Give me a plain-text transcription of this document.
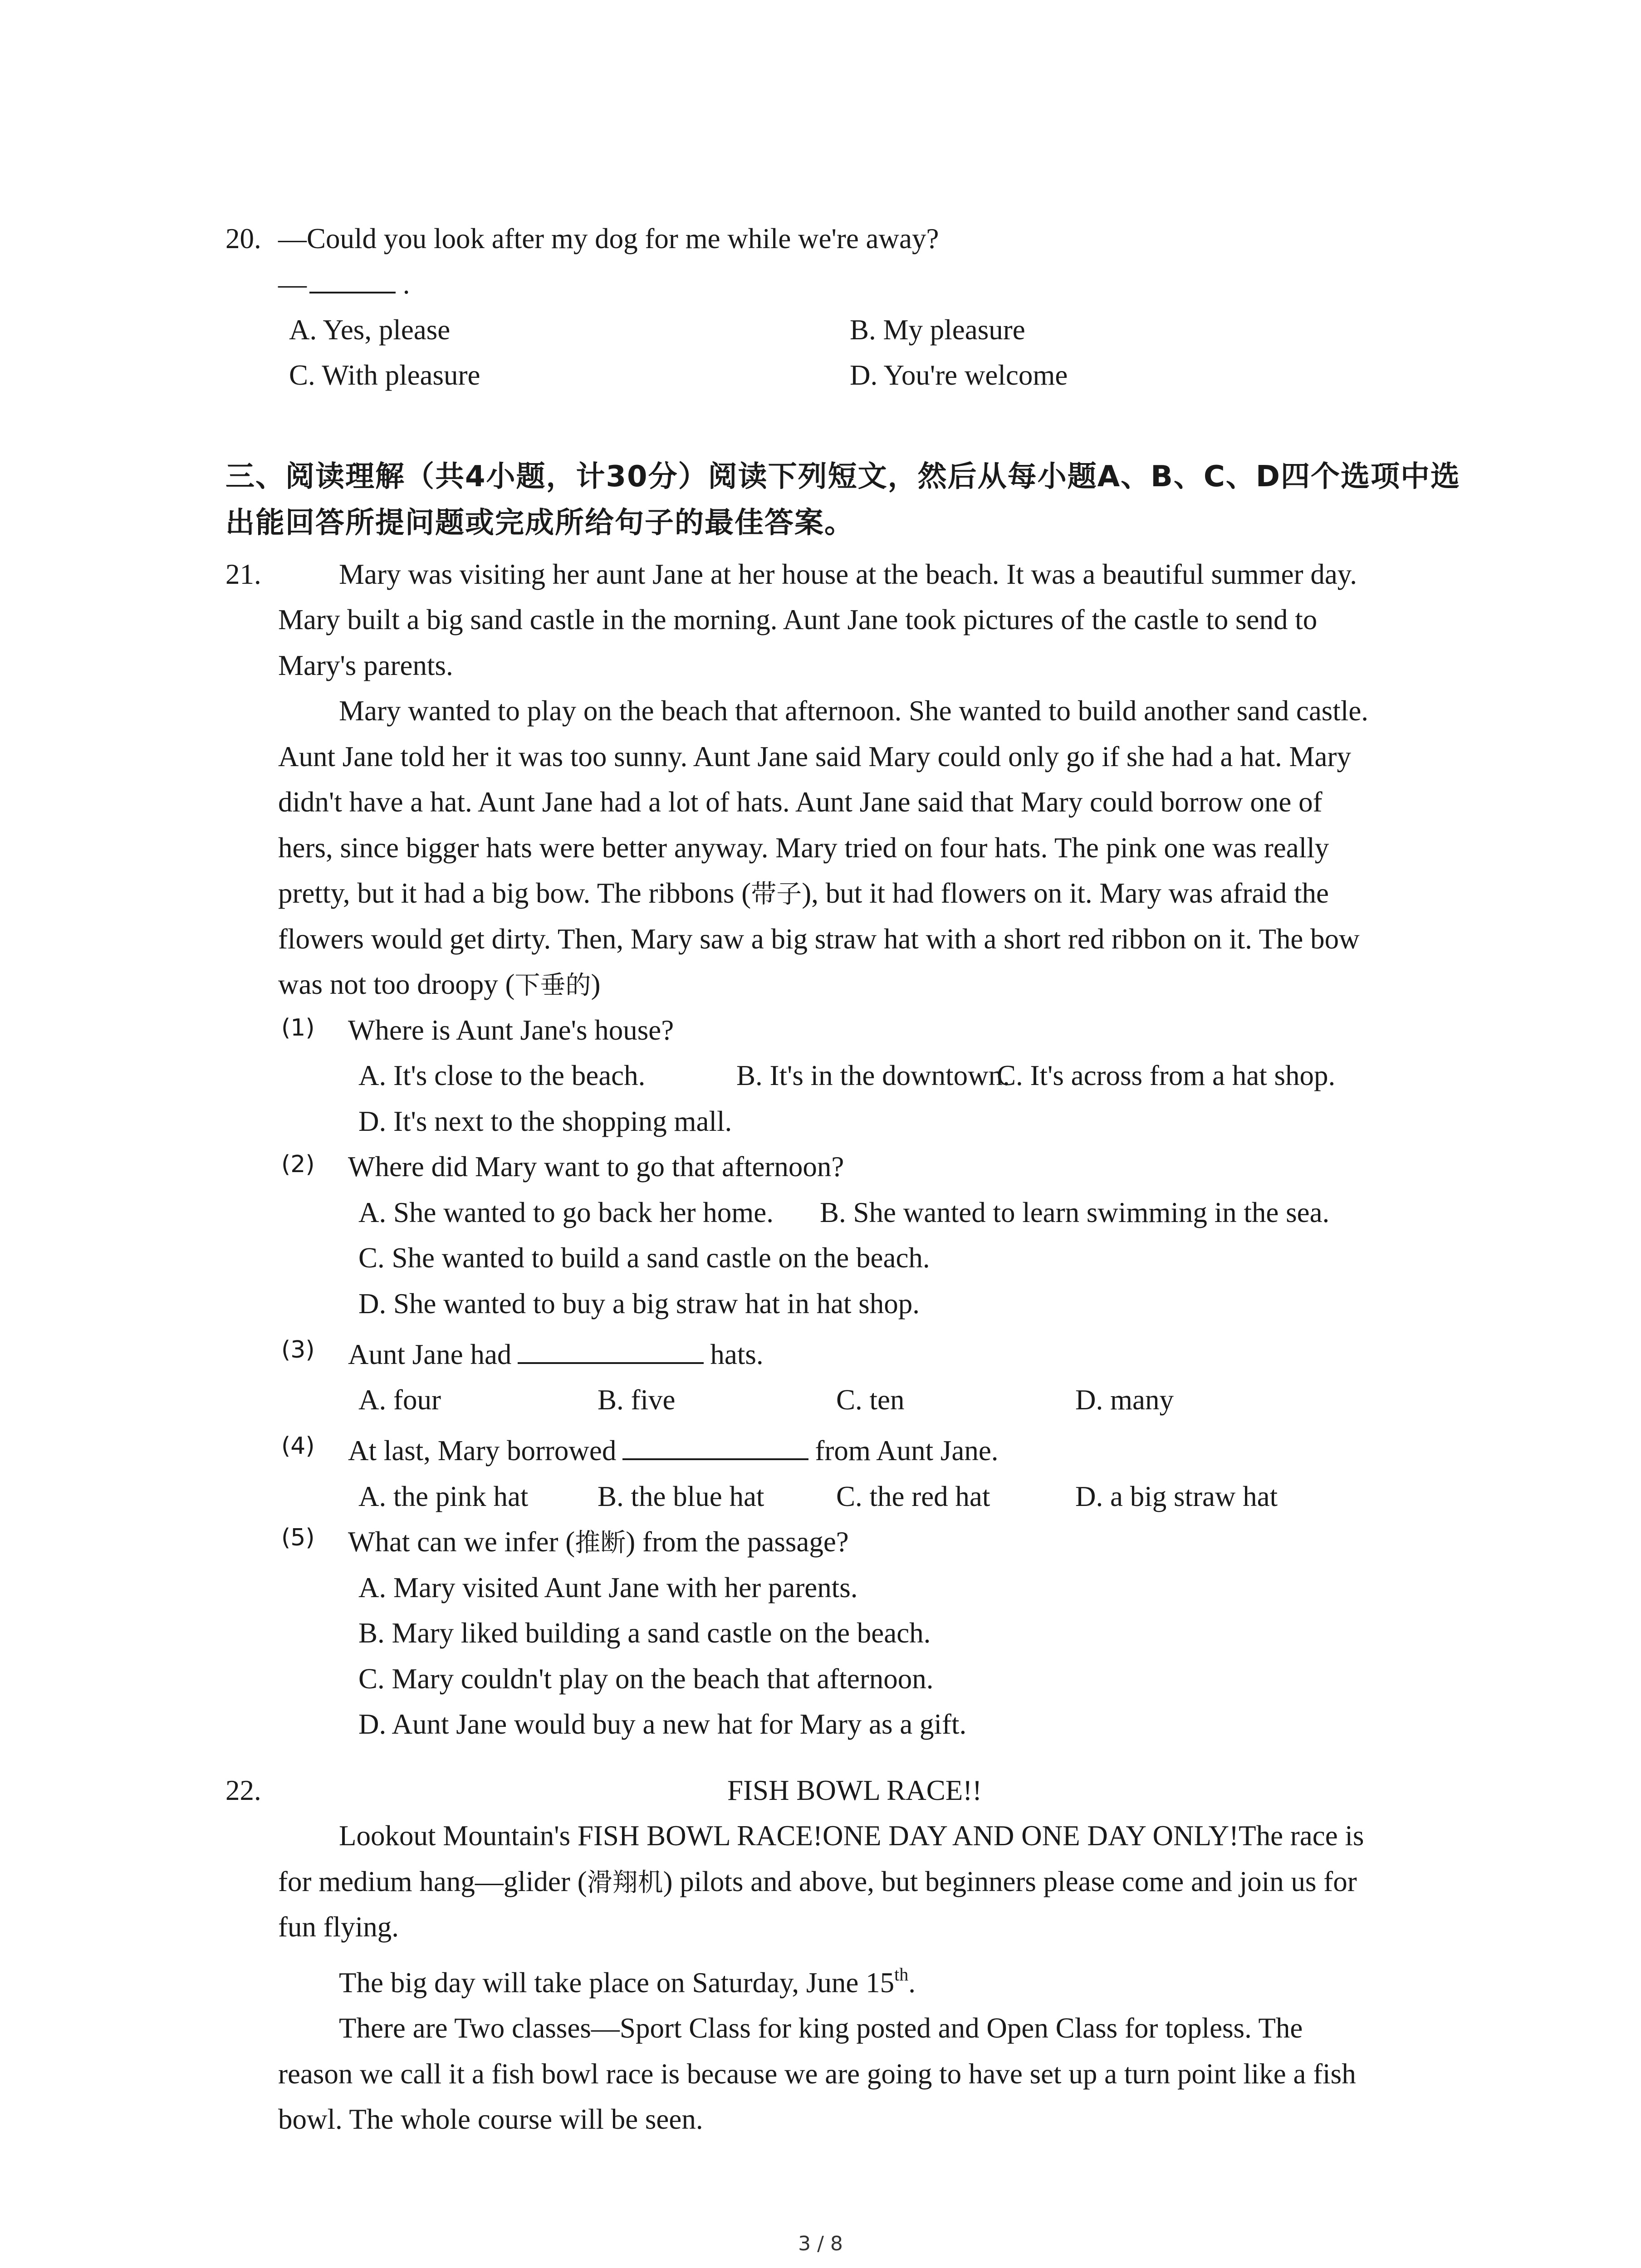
20. —Could you look after my dog for me while we're away?
—	.
A. Yes, please	B. My pleasure
C. With pleasure	D. You're welcome
三、阅读理解（共4小题，计30分）阅读下列短文，然后从每小题A、B、C、D四个选项中选
出能回答所提问题或完成所给句子的最佳答案。
21.	Mary was visiting her aunt Jane at her house at the beach. It was a beautiful summer day.
Mary built a big sand castle in the morning. Aunt Jane took pictures of the castle to send to
Mary's parents.
Mary wanted to play on the beach that afternoon. She wanted to build another sand castle.
Aunt Jane told her it was too sunny. Aunt Jane said Mary could only go if she had a hat. Mary
didn't have a hat. Aunt Jane had a lot of hats. Aunt Jane said that Mary could borrow one of
hers, since bigger hats were better anyway. Mary tried on four hats. The pink one was really
pretty, but it had a big bow. The ribbons (带子), but it had flowers on it. Mary was afraid the
flowers would get dirty. Then, Mary saw a big straw hat with a short red ribbon on it. The bow
was not too droopy (下垂的)
(1) Where is Aunt Jane's house?
A. It's close to the beach.	B. It's in the downtown.
C. It's across from a hat shop.
D. It's next to the shopping mall.
(2) Where did Mary want to go that afternoon?
A. She wanted to go back her home. B. She wanted to learn swimming in the sea.
C. She wanted to build a sand castle on the beach.
D. She wanted to buy a big straw hat in hat shop.
(3) Aunt Jane had	hats.
A. four	B. five	C. ten	D. many
(4) At last, Mary borrowed	from Aunt Jane.
A. the pink hat B. the blue hat	C. the red hat	D. a big straw hat
(5) What can we infer (推断) from the passage?
A. Mary visited Aunt Jane with her parents.
B. Mary liked building a sand castle on the beach.
C. Mary couldn't play on the beach that afternoon.
D. Aunt Jane would buy a new hat for Mary as a gift.
22.	FISH BOWL RACE!!
Lookout Mountain's FISH BOWL RACE!ONE DAY AND ONE DAY ONLY!The race is
for medium hang—glider (滑翔机) pilots and above, but beginners please come and join us for
fun flying.
The big day will take place on Saturday, June 15th.
There are Two classes—Sport Class for king posted and Open Class for topless. The
reason we call it a fish bowl race is because we are going to have set up a turn point like a fish
bowl. The whole course will be seen.
3 / 8
